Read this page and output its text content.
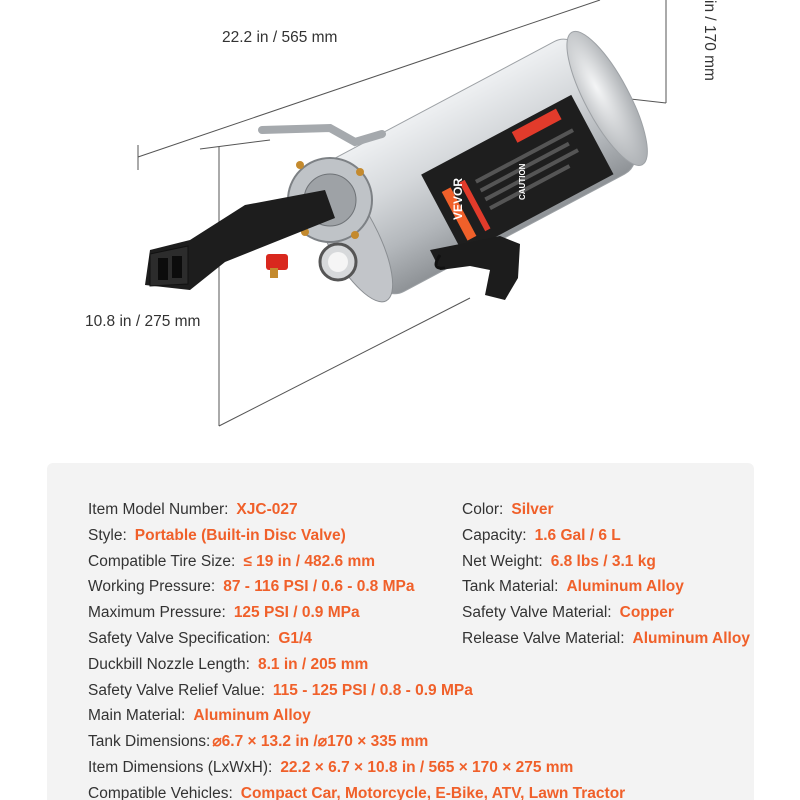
22.2 in / 565 mm	in / 170 mm
10.8 in / 275 mm
VEVOR	CAUTION
Item Model Number: XJC-027
Style: Portable (Built-in Disc Valve)
Compatible Tire Size: ≤ 19 in / 482.6 mm
Working Pressure: 87 - 116 PSI / 0.6 - 0.8 MPa
Maximum Pressure: 125 PSI / 0.9 MPa
Safety Valve Specification: G1/4
Duckbill Nozzle Length: 8.1 in / 205 mm
Safety Valve Relief Value: 115 - 125 PSI / 0.8 - 0.9 MPa
Main Material: Aluminum Alloy
Tank Dimensions: ⌀6.7 × 13.2 in /⌀170 × 335 mm
Item Dimensions (LxWxH): 22.2 × 6.7 × 10.8 in / 565 × 170 × 275 mm
Compatible Vehicles: Compact Car, Motorcycle, E-Bike, ATV, Lawn Tractor
Color: Silver
Capacity: 1.6 Gal / 6 L
Net Weight: 6.8 lbs / 3.1 kg
Tank Material: Aluminum Alloy
Safety Valve Material: Copper
Release Valve Material: Aluminum Alloy
